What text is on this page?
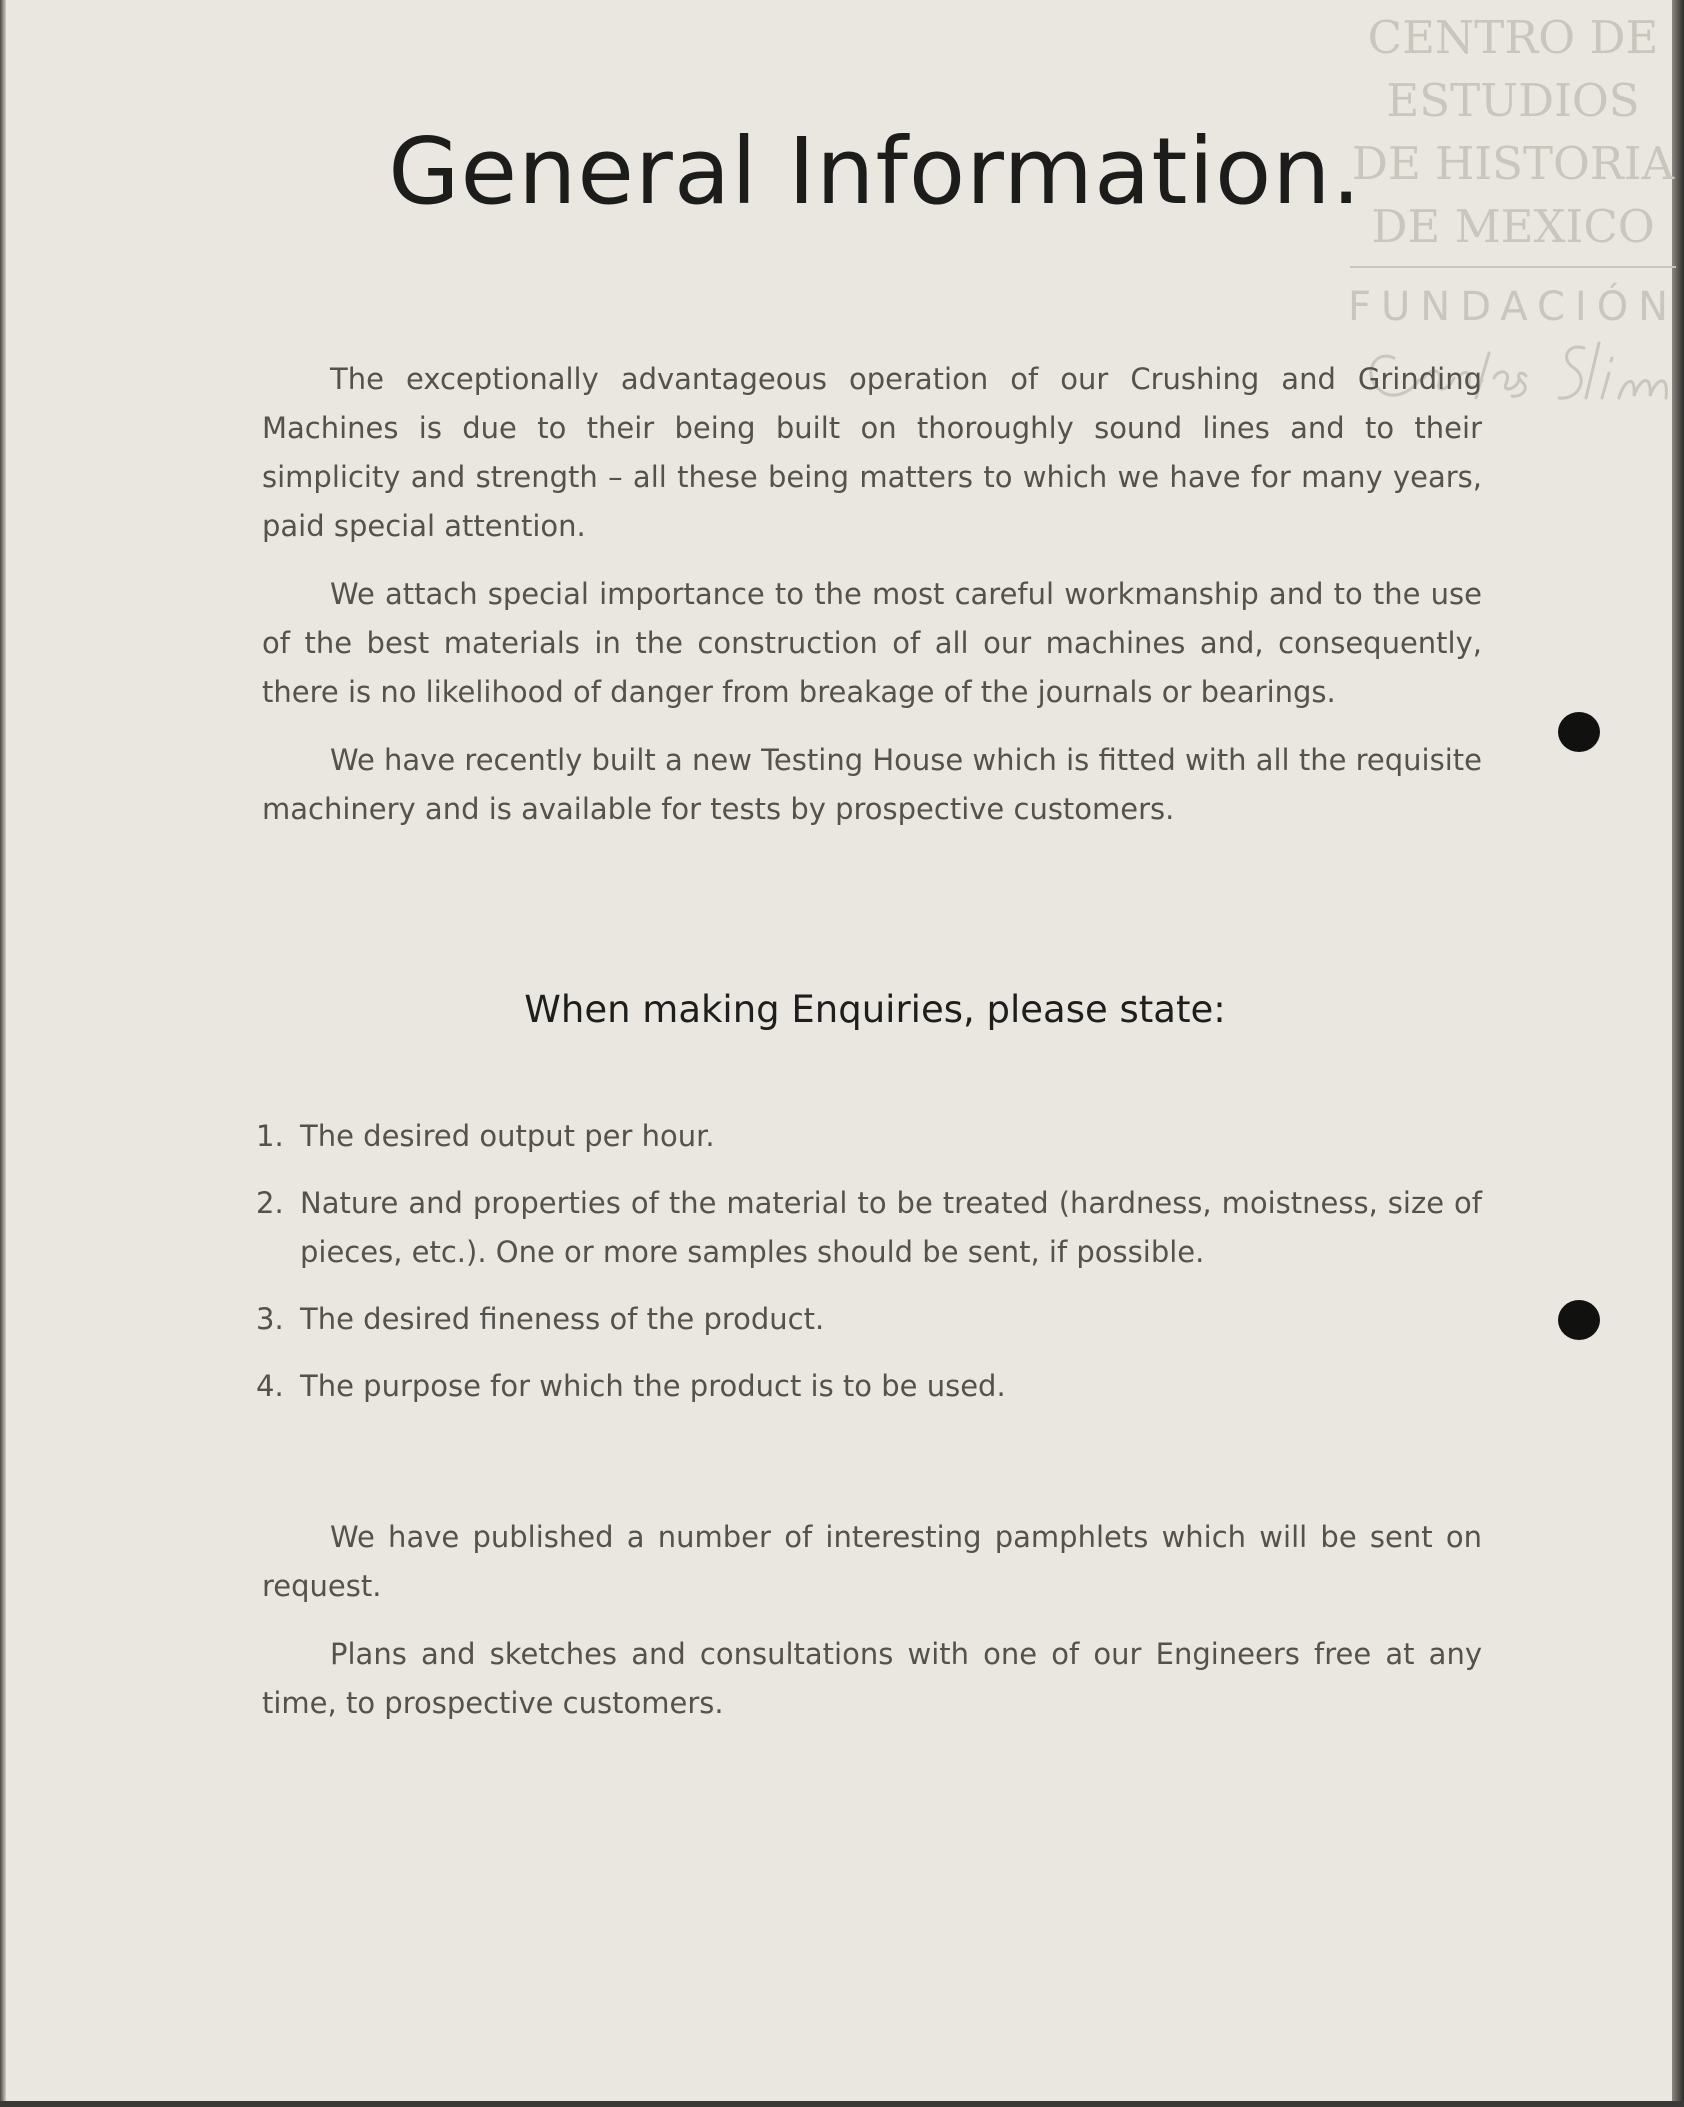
CENTRO DE
ESTUDIOS
DE HISTORIA
DE MEXICO
FUNDACIÓN
General Information.

The exceptionally advantageous operation of our Crushing and Grinding Machines is due to their being built on thoroughly sound lines and to their simplicity and strength – all these being matters to which we have for many years, paid special attention.

We attach special importance to the most careful workmanship and to the use of the best materials in the construction of all our machines and, consequently, there is no likelihood of danger from breakage of the journals or bearings.

We have recently built a new Testing House which is fitted with all the requisite machinery and is available for tests by prospective customers.

When making Enquiries, please state:
1. The desired output per hour.
2. Nature and properties of the material to be treated (hardness, moistness, size of pieces, etc.). One or more samples should be sent, if possible.
3. The desired fineness of the product.
4. The purpose for which the product is to be used.

We have published a number of interesting pamphlets which will be sent on request.

Plans and sketches and consultations with one of our Engineers free at any time, to prospective customers.
